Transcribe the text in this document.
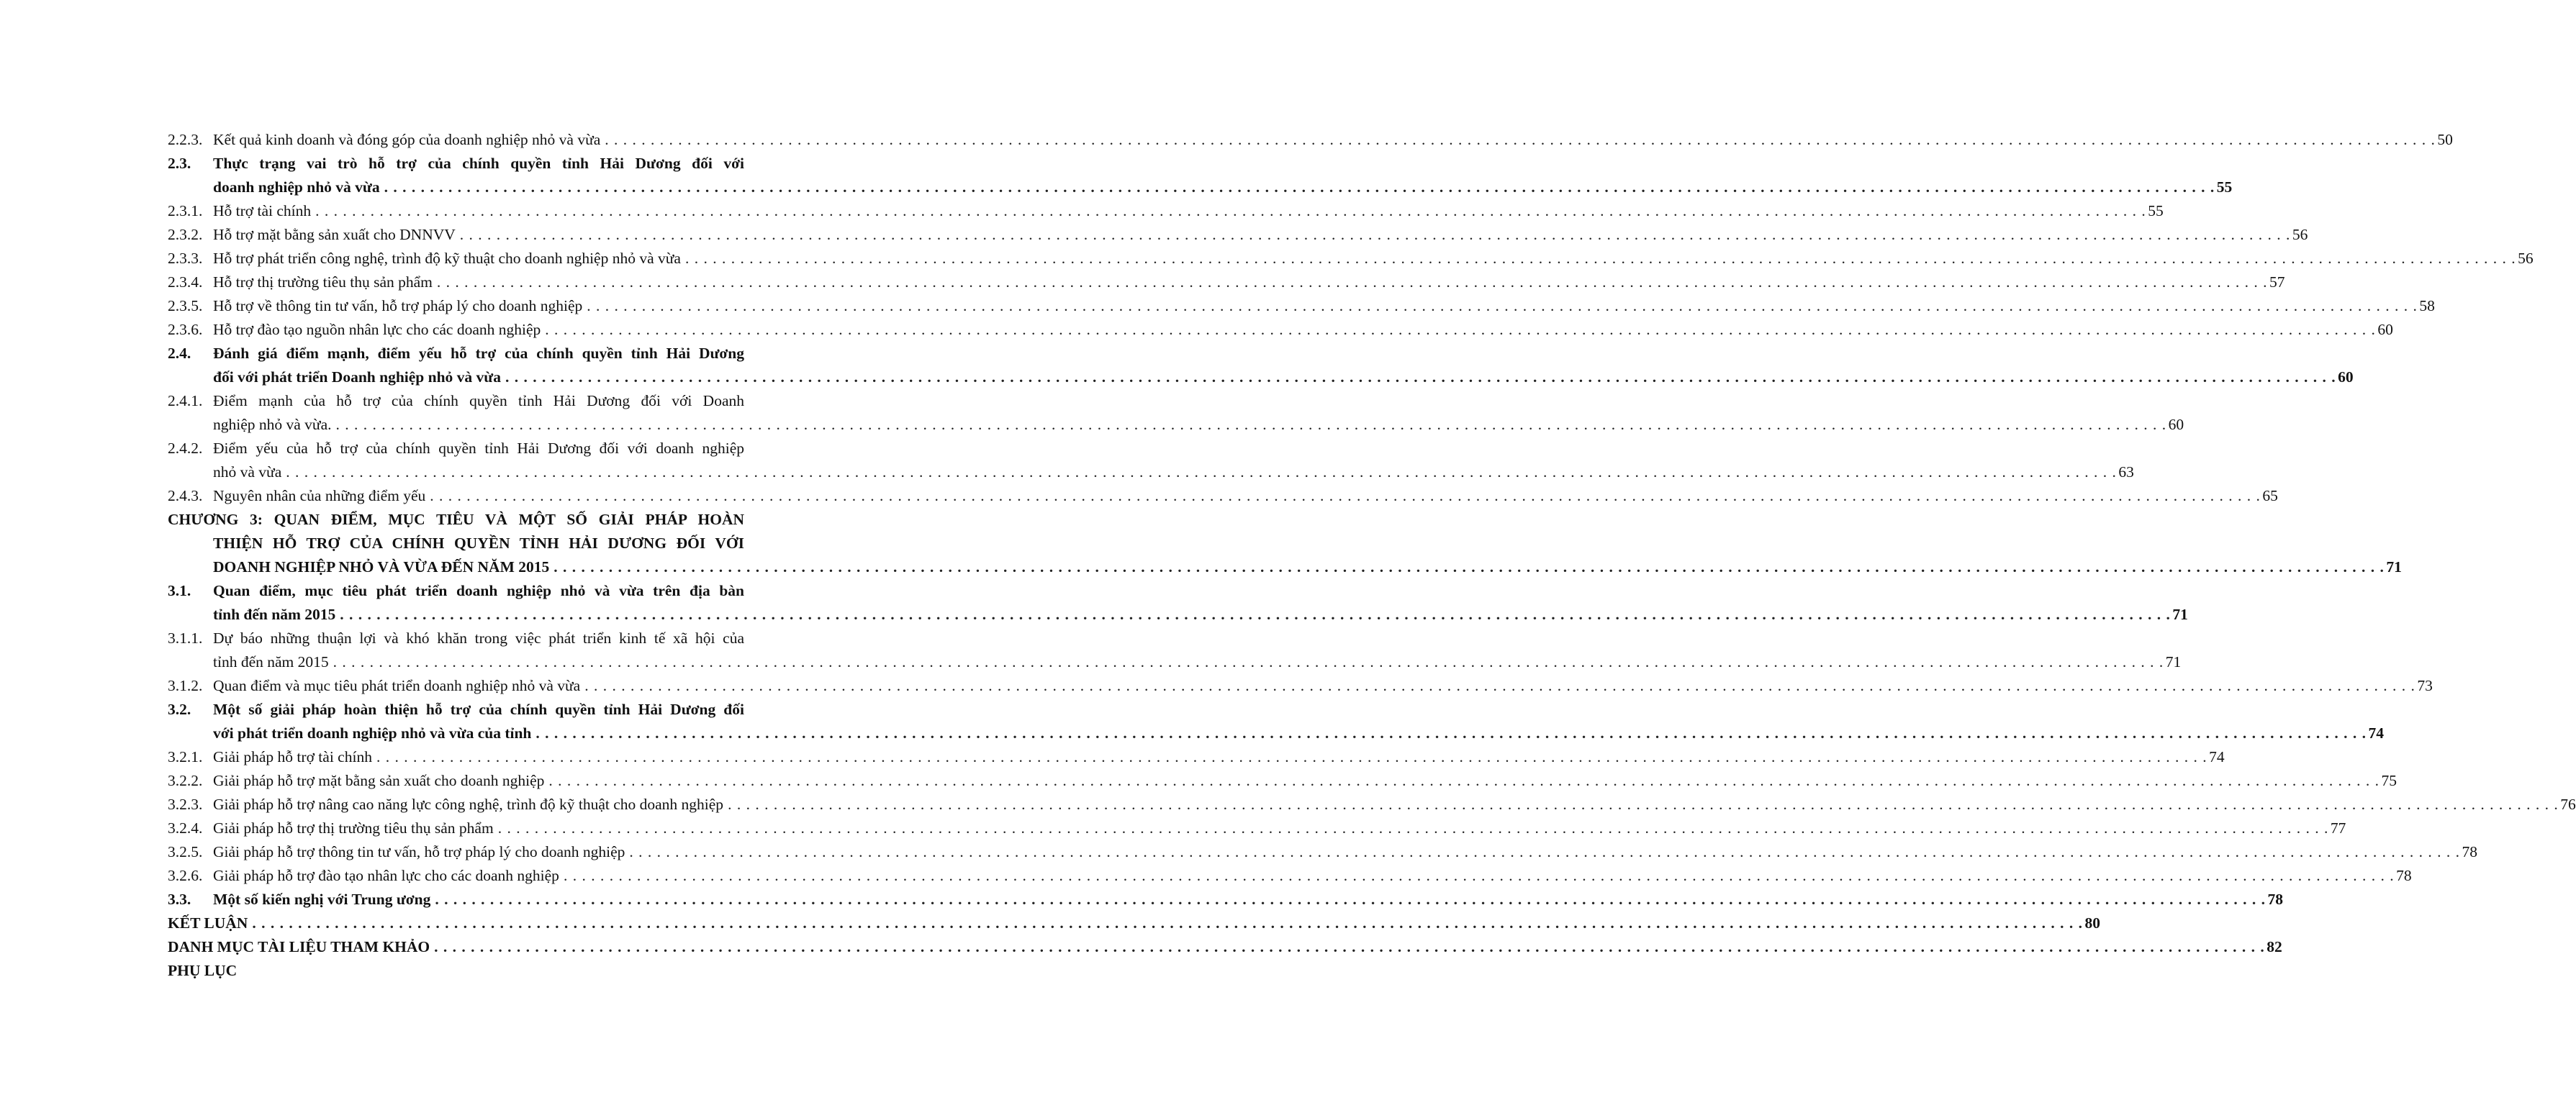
2.2.3. Kết quả kinh doanh và đóng góp của doanh nghiệp nhỏ và vừa . . . . . . . . . . . . . . . . . . . . . . . . . . . . . . . . . . . . . . . . . . . . . . . . . . . . . . . . . . . . . . . . . . . . . . . . . . . . . . . . . . . . . . . . . . . . . . . . . . . . . . . . . . . . . . . . . . . . . . . . . . . . . . . . . . . . . . . . . . . . . . . . . . . . . . . . . . . . . . . . . . . . . . . . . . . . . . . . . . . . . . . . . . . . . . . . . . . . . . . . 50
2.3.	Thực trạng vai trò hỗ trợ của chính quyền tỉnh Hải Dương đối với
doanh nghiệp nhỏ và vừa . . . . . . . . . . . . . . . . . . . . . . . . . . . . . . . . . . . . . . . . . . . . . . . . . . . . . . . . . . . . . . . . . . . . . . . . . . . . . . . . . . . . . . . . . . . . . . . . . . . . . . . . . . . . . . . . . . . . . . . . . . . . . . . . . . . . . . . . . . . . . . . . . . . . . . . . . . . . . . . . . . . . . . . . . . . . . . . . . . . . . . . . . . . . . . . . . . . . . . . . 55
2.3.1. Hỗ trợ tài chính . . . . . . . . . . . . . . . . . . . . . . . . . . . . . . . . . . . . . . . . . . . . . . . . . . . . . . . . . . . . . . . . . . . . . . . . . . . . . . . . . . . . . . . . . . . . . . . . . . . . . . . . . . . . . . . . . . . . . . . . . . . . . . . . . . . . . . . . . . . . . . . . . . . . . . . . . . . . . . . . . . . . . . . . . . . . . . . . . . . . . . . . . . . . . . . . . . . . . . . . 55
2.3.2. Hỗ trợ mặt bằng sản xuất cho DNNVV . . . . . . . . . . . . . . . . . . . . . . . . . . . . . . . . . . . . . . . . . . . . . . . . . . . . . . . . . . . . . . . . . . . . . . . . . . . . . . . . . . . . . . . . . . . . . . . . . . . . . . . . . . . . . . . . . . . . . . . . . . . . . . . . . . . . . . . . . . . . . . . . . . . . . . . . . . . . . . . . . . . . . . . . . . . . . . . . . . . . . . . . . . . . . . . . . . . . . . . . 56
2.3.3. Hỗ trợ phát triển công nghệ, trình độ kỹ thuật cho doanh nghiệp nhỏ và vừa . . . . . . . . . . . . . . . . . . . . . . . . . . . . . . . . . . . . . . . . . . . . . . . . . . . . . . . . . . . . . . . . . . . . . . . . . . . . . . . . . . . . . . . . . . . . . . . . . . . . . . . . . . . . . . . . . . . . . . . . . . . . . . . . . . . . . . . . . . . . . . . . . . . . . . . . . . . . . . . . . . . . . . . . . . . . . . . . . . . . . . . . . . . . . . . . . . . . . . . . 56
2.3.4. Hỗ trợ thị trường tiêu thụ sản phẩm . . . . . . . . . . . . . . . . . . . . . . . . . . . . . . . . . . . . . . . . . . . . . . . . . . . . . . . . . . . . . . . . . . . . . . . . . . . . . . . . . . . . . . . . . . . . . . . . . . . . . . . . . . . . . . . . . . . . . . . . . . . . . . . . . . . . . . . . . . . . . . . . . . . . . . . . . . . . . . . . . . . . . . . . . . . . . . . . . . . . . . . . . . . . . . . . . . . . . . . . 57
2.3.5. Hỗ trợ về thông tin tư vấn, hỗ trợ pháp lý cho doanh nghiệp . . . . . . . . . . . . . . . . . . . . . . . . . . . . . . . . . . . . . . . . . . . . . . . . . . . . . . . . . . . . . . . . . . . . . . . . . . . . . . . . . . . . . . . . . . . . . . . . . . . . . . . . . . . . . . . . . . . . . . . . . . . . . . . . . . . . . . . . . . . . . . . . . . . . . . . . . . . . . . . . . . . . . . . . . . . . . . . . . . . . . . . . . . . . . . . . . . . . . . . . 58
2.3.6. Hỗ trợ đào tạo nguồn nhân lực cho các doanh nghiệp . . . . . . . . . . . . . . . . . . . . . . . . . . . . . . . . . . . . . . . . . . . . . . . . . . . . . . . . . . . . . . . . . . . . . . . . . . . . . . . . . . . . . . . . . . . . . . . . . . . . . . . . . . . . . . . . . . . . . . . . . . . . . . . . . . . . . . . . . . . . . . . . . . . . . . . . . . . . . . . . . . . . . . . . . . . . . . . . . . . . . . . . . . . . . . . . . . . . . . . . 60
2.4.	Đánh giá điểm mạnh, điểm yếu hỗ trợ của chính quyền tỉnh Hải Dương
đối với phát triển Doanh nghiệp nhỏ và vừa . . . . . . . . . . . . . . . . . . . . . . . . . . . . . . . . . . . . . . . . . . . . . . . . . . . . . . . . . . . . . . . . . . . . . . . . . . . . . . . . . . . . . . . . . . . . . . . . . . . . . . . . . . . . . . . . . . . . . . . . . . . . . . . . . . . . . . . . . . . . . . . . . . . . . . . . . . . . . . . . . . . . . . . . . . . . . . . . . . . . . . . . . . . . . . . . . . . . . . . . 60
2.4.1. Điểm mạnh của hỗ trợ của chính quyền tỉnh Hải Dương đối với Doanh
nghiệp nhỏ và vừa. . . . . . . . . . . . . . . . . . . . . . . . . . . . . . . . . . . . . . . . . . . . . . . . . . . . . . . . . . . . . . . . . . . . . . . . . . . . . . . . . . . . . . . . . . . . . . . . . . . . . . . . . . . . . . . . . . . . . . . . . . . . . . . . . . . . . . . . . . . . . . . . . . . . . . . . . . . . . . . . . . . . . . . . . . . . . . . . . . . . . . . . . . . . . . . . . . . . . . . . . 60
2.4.2. Điểm yếu của hỗ trợ của chính quyền tỉnh Hải Dương đối với doanh nghiệp
nhỏ và vừa . . . . . . . . . . . . . . . . . . . . . . . . . . . . . . . . . . . . . . . . . . . . . . . . . . . . . . . . . . . . . . . . . . . . . . . . . . . . . . . . . . . . . . . . . . . . . . . . . . . . . . . . . . . . . . . . . . . . . . . . . . . . . . . . . . . . . . . . . . . . . . . . . . . . . . . . . . . . . . . . . . . . . . . . . . . . . . . . . . . . . . . . . . . . . . . . . . . . . . . . 63
2.4.3. Nguyên nhân của những điểm yếu . . . . . . . . . . . . . . . . . . . . . . . . . . . . . . . . . . . . . . . . . . . . . . . . . . . . . . . . . . . . . . . . . . . . . . . . . . . . . . . . . . . . . . . . . . . . . . . . . . . . . . . . . . . . . . . . . . . . . . . . . . . . . . . . . . . . . . . . . . . . . . . . . . . . . . . . . . . . . . . . . . . . . . . . . . . . . . . . . . . . . . . . . . . . . . . . . . . . . . . . 65
CHƯƠNG 3: QUAN ĐIỂM, MỤC TIÊU VÀ MỘT SỐ GIẢI PHÁP HOÀN
THIỆN HỖ TRỢ CỦA CHÍNH QUYỀN TỈNH HẢI DƯƠNG ĐỐI VỚI
DOANH NGHIỆP NHỎ VÀ VỪA ĐẾN NĂM 2015 . . . . . . . . . . . . . . . . . . . . . . . . . . . . . . . . . . . . . . . . . . . . . . . . . . . . . . . . . . . . . . . . . . . . . . . . . . . . . . . . . . . . . . . . . . . . . . . . . . . . . . . . . . . . . . . . . . . . . . . . . . . . . . . . . . . . . . . . . . . . . . . . . . . . . . . . . . . . . . . . . . . . . . . . . . . . . . . . . . . . . . . . . . . . . . . . . . . . . . . . 71
3.1.	Quan điểm, mục tiêu phát triển doanh nghiệp nhỏ và vừa trên địa bàn
tỉnh đến năm 2015 . . . . . . . . . . . . . . . . . . . . . . . . . . . . . . . . . . . . . . . . . . . . . . . . . . . . . . . . . . . . . . . . . . . . . . . . . . . . . . . . . . . . . . . . . . . . . . . . . . . . . . . . . . . . . . . . . . . . . . . . . . . . . . . . . . . . . . . . . . . . . . . . . . . . . . . . . . . . . . . . . . . . . . . . . . . . . . . . . . . . . . . . . . . . . . . . . . . . . . . . 71
3.1.1. Dự báo những thuận lợi và khó khăn trong việc phát triển kinh tế xã hội của
tỉnh đến năm 2015 . . . . . . . . . . . . . . . . . . . . . . . . . . . . . . . . . . . . . . . . . . . . . . . . . . . . . . . . . . . . . . . . . . . . . . . . . . . . . . . . . . . . . . . . . . . . . . . . . . . . . . . . . . . . . . . . . . . . . . . . . . . . . . . . . . . . . . . . . . . . . . . . . . . . . . . . . . . . . . . . . . . . . . . . . . . . . . . . . . . . . . . . . . . . . . . . . . . . . . . . 71
3.1.2. Quan điểm và mục tiêu phát triển doanh nghiệp nhỏ và vừa . . . . . . . . . . . . . . . . . . . . . . . . . . . . . . . . . . . . . . . . . . . . . . . . . . . . . . . . . . . . . . . . . . . . . . . . . . . . . . . . . . . . . . . . . . . . . . . . . . . . . . . . . . . . . . . . . . . . . . . . . . . . . . . . . . . . . . . . . . . . . . . . . . . . . . . . . . . . . . . . . . . . . . . . . . . . . . . . . . . . . . . . . . . . . . . . . . . . . . . . 73
3.2.	Một số giải pháp hoàn thiện hỗ trợ của chính quyền tỉnh Hải Dương đối
với phát triển doanh nghiệp nhỏ và vừa của tỉnh . . . . . . . . . . . . . . . . . . . . . . . . . . . . . . . . . . . . . . . . . . . . . . . . . . . . . . . . . . . . . . . . . . . . . . . . . . . . . . . . . . . . . . . . . . . . . . . . . . . . . . . . . . . . . . . . . . . . . . . . . . . . . . . . . . . . . . . . . . . . . . . . . . . . . . . . . . . . . . . . . . . . . . . . . . . . . . . . . . . . . . . . . . . . . . . . . . . . . . . . 74
3.2.1. Giải pháp hỗ trợ tài chính . . . . . . . . . . . . . . . . . . . . . . . . . . . . . . . . . . . . . . . . . . . . . . . . . . . . . . . . . . . . . . . . . . . . . . . . . . . . . . . . . . . . . . . . . . . . . . . . . . . . . . . . . . . . . . . . . . . . . . . . . . . . . . . . . . . . . . . . . . . . . . . . . . . . . . . . . . . . . . . . . . . . . . . . . . . . . . . . . . . . . . . . . . . . . . . . . . . . . . . . 74
3.2.2. Giải pháp hỗ trợ mặt bằng sản xuất cho doanh nghiệp . . . . . . . . . . . . . . . . . . . . . . . . . . . . . . . . . . . . . . . . . . . . . . . . . . . . . . . . . . . . . . . . . . . . . . . . . . . . . . . . . . . . . . . . . . . . . . . . . . . . . . . . . . . . . . . . . . . . . . . . . . . . . . . . . . . . . . . . . . . . . . . . . . . . . . . . . . . . . . . . . . . . . . . . . . . . . . . . . . . . . . . . . . . . . . . . . . . . . . . . 75
3.2.3. Giải pháp hỗ trợ nâng cao năng lực công nghệ, trình độ kỹ thuật cho doanh nghiệp . . . . . . . . . . . . . . . . . . . . . . . . . . . . . . . . . . . . . . . . . . . . . . . . . . . . . . . . . . . . . . . . . . . . . . . . . . . . . . . . . . . . . . . . . . . . . . . . . . . . . . . . . . . . . . . . . . . . . . . . . . . . . . . . . . . . . . . . . . . . . . . . . . . . . . . . . . . . . . . . . . . . . . . . . . . . . . . . . . . . . . . . . . . . . . . . . . . . . . . . 76
3.2.4. Giải pháp hỗ trợ thị trường tiêu thụ sản phẩm . . . . . . . . . . . . . . . . . . . . . . . . . . . . . . . . . . . . . . . . . . . . . . . . . . . . . . . . . . . . . . . . . . . . . . . . . . . . . . . . . . . . . . . . . . . . . . . . . . . . . . . . . . . . . . . . . . . . . . . . . . . . . . . . . . . . . . . . . . . . . . . . . . . . . . . . . . . . . . . . . . . . . . . . . . . . . . . . . . . . . . . . . . . . . . . . . . . . . . . . 77
3.2.5. Giải pháp hỗ trợ thông tin tư vấn, hỗ trợ pháp lý cho doanh nghiệp . . . . . . . . . . . . . . . . . . . . . . . . . . . . . . . . . . . . . . . . . . . . . . . . . . . . . . . . . . . . . . . . . . . . . . . . . . . . . . . . . . . . . . . . . . . . . . . . . . . . . . . . . . . . . . . . . . . . . . . . . . . . . . . . . . . . . . . . . . . . . . . . . . . . . . . . . . . . . . . . . . . . . . . . . . . . . . . . . . . . . . . . . . . . . . . . . . . . . . . . 78
3.2.6. Giải pháp hỗ trợ đào tạo nhân lực cho các doanh nghiệp . . . . . . . . . . . . . . . . . . . . . . . . . . . . . . . . . . . . . . . . . . . . . . . . . . . . . . . . . . . . . . . . . . . . . . . . . . . . . . . . . . . . . . . . . . . . . . . . . . . . . . . . . . . . . . . . . . . . . . . . . . . . . . . . . . . . . . . . . . . . . . . . . . . . . . . . . . . . . . . . . . . . . . . . . . . . . . . . . . . . . . . . . . . . . . . . . . . . . . . . 78
3.3.	Một số kiến nghị với Trung ương . . . . . . . . . . . . . . . . . . . . . . . . . . . . . . . . . . . . . . . . . . . . . . . . . . . . . . . . . . . . . . . . . . . . . . . . . . . . . . . . . . . . . . . . . . . . . . . . . . . . . . . . . . . . . . . . . . . . . . . . . . . . . . . . . . . . . . . . . . . . . . . . . . . . . . . . . . . . . . . . . . . . . . . . . . . . . . . . . . . . . . . . . . . . . . . . . . . . . . . . 78
KẾT LUẬN . . . . . . . . . . . . . . . . . . . . . . . . . . . . . . . . . . . . . . . . . . . . . . . . . . . . . . . . . . . . . . . . . . . . . . . . . . . . . . . . . . . . . . . . . . . . . . . . . . . . . . . . . . . . . . . . . . . . . . . . . . . . . . . . . . . . . . . . . . . . . . . . . . . . . . . . . . . . . . . . . . . . . . . . . . . . . . . . . . . . . . . . . . . . . . . . . . . . . . . . 80
DANH MỤC TÀI LIỆU THAM KHẢO . . . . . . . . . . . . . . . . . . . . . . . . . . . . . . . . . . . . . . . . . . . . . . . . . . . . . . . . . . . . . . . . . . . . . . . . . . . . . . . . . . . . . . . . . . . . . . . . . . . . . . . . . . . . . . . . . . . . . . . . . . . . . . . . . . . . . . . . . . . . . . . . . . . . . . . . . . . . . . . . . . . . . . . . . . . . . . . . . . . . . . . . . . . . . . . . . . . . . . . . 82
PHỤ LỤC
